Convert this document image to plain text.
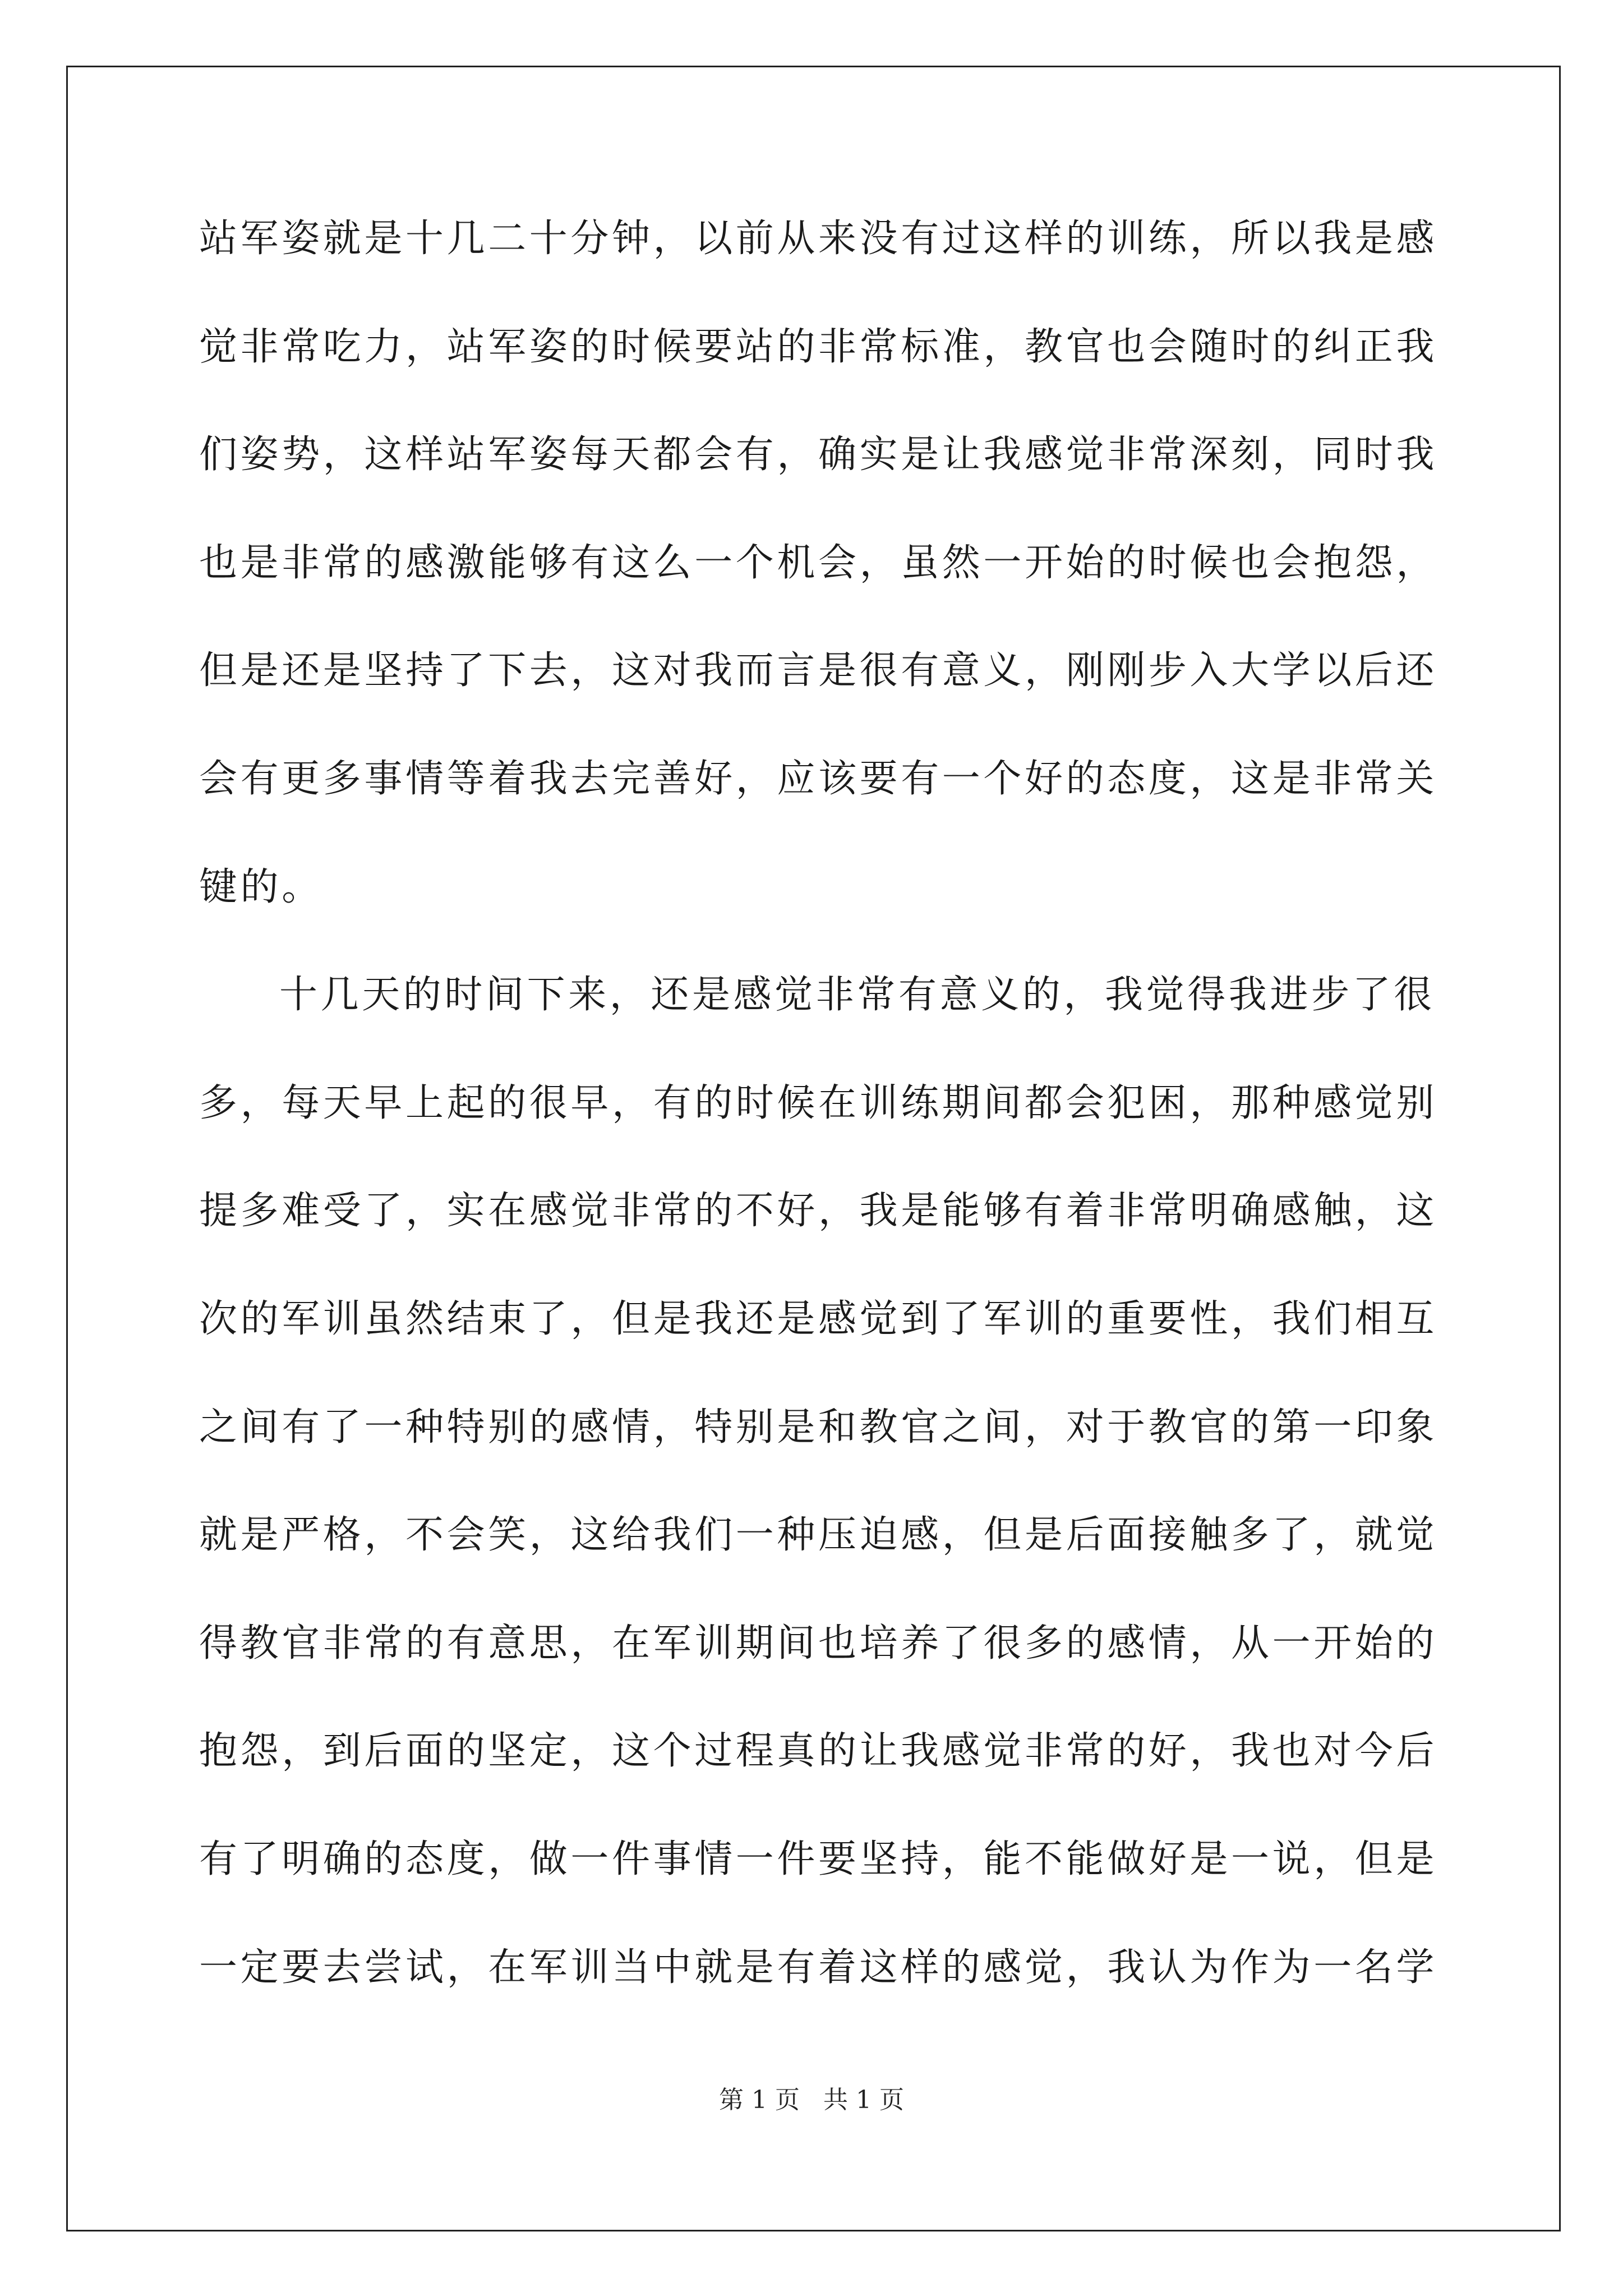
站军姿就是十几二十分钟，以前从来没有过这样的训练，所以我是感
觉非常吃力，站军姿的时候要站的非常标准，教官也会随时的纠正我
们姿势，这样站军姿每天都会有，确实是让我感觉非常深刻，同时我
也是非常的感激能够有这么一个机会，虽然一开始的时候也会抱怨，
但是还是坚持了下去，这对我而言是很有意义，刚刚步入大学以后还
会有更多事情等着我去完善好，应该要有一个好的态度，这是非常关
键的。
十几天的时间下来，还是感觉非常有意义的，我觉得我进步了很
多，每天早上起的很早，有的时候在训练期间都会犯困，那种感觉别
提多难受了，实在感觉非常的不好，我是能够有着非常明确感触，这
次的军训虽然结束了，但是我还是感觉到了军训的重要性，我们相互
之间有了一种特别的感情，特别是和教官之间，对于教官的第一印象
就是严格，不会笑，这给我们一种压迫感，但是后面接触多了，就觉
得教官非常的有意思，在军训期间也培养了很多的感情，从一开始的
抱怨，到后面的坚定，这个过程真的让我感觉非常的好，我也对今后
有了明确的态度，做一件事情一件要坚持，能不能做好是一说，但是
一定要去尝试，在军训当中就是有着这样的感觉，我认为作为一名学
第 1 页   共 1 页
